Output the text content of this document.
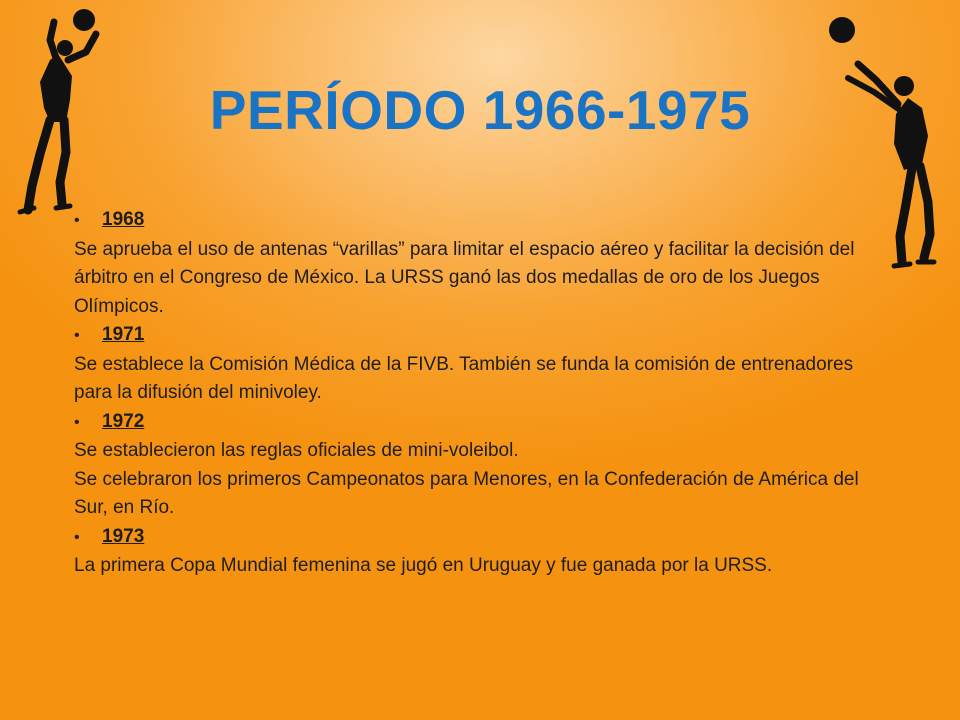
PERÍODO 1966-1975
•	1968

Se aprueba el uso de antenas “varillas” para limitar el espacio aéreo y facilitar la decisión del árbitro en el Congreso de México. La URSS ganó las dos medallas de oro de los Juegos Olímpicos.

•	1971

Se establece la Comisión Médica de la FIVB. También se funda la comisión de entrenadores para la difusión del minivoley.

•	1972

Se establecieron las reglas oficiales de mini-voleibol.

Se celebraron los primeros Campeonatos para Menores, en la Confederación de América del Sur, en Río.

•	1973

La primera Copa Mundial femenina se jugó en Uruguay y fue ganada por la URSS.
